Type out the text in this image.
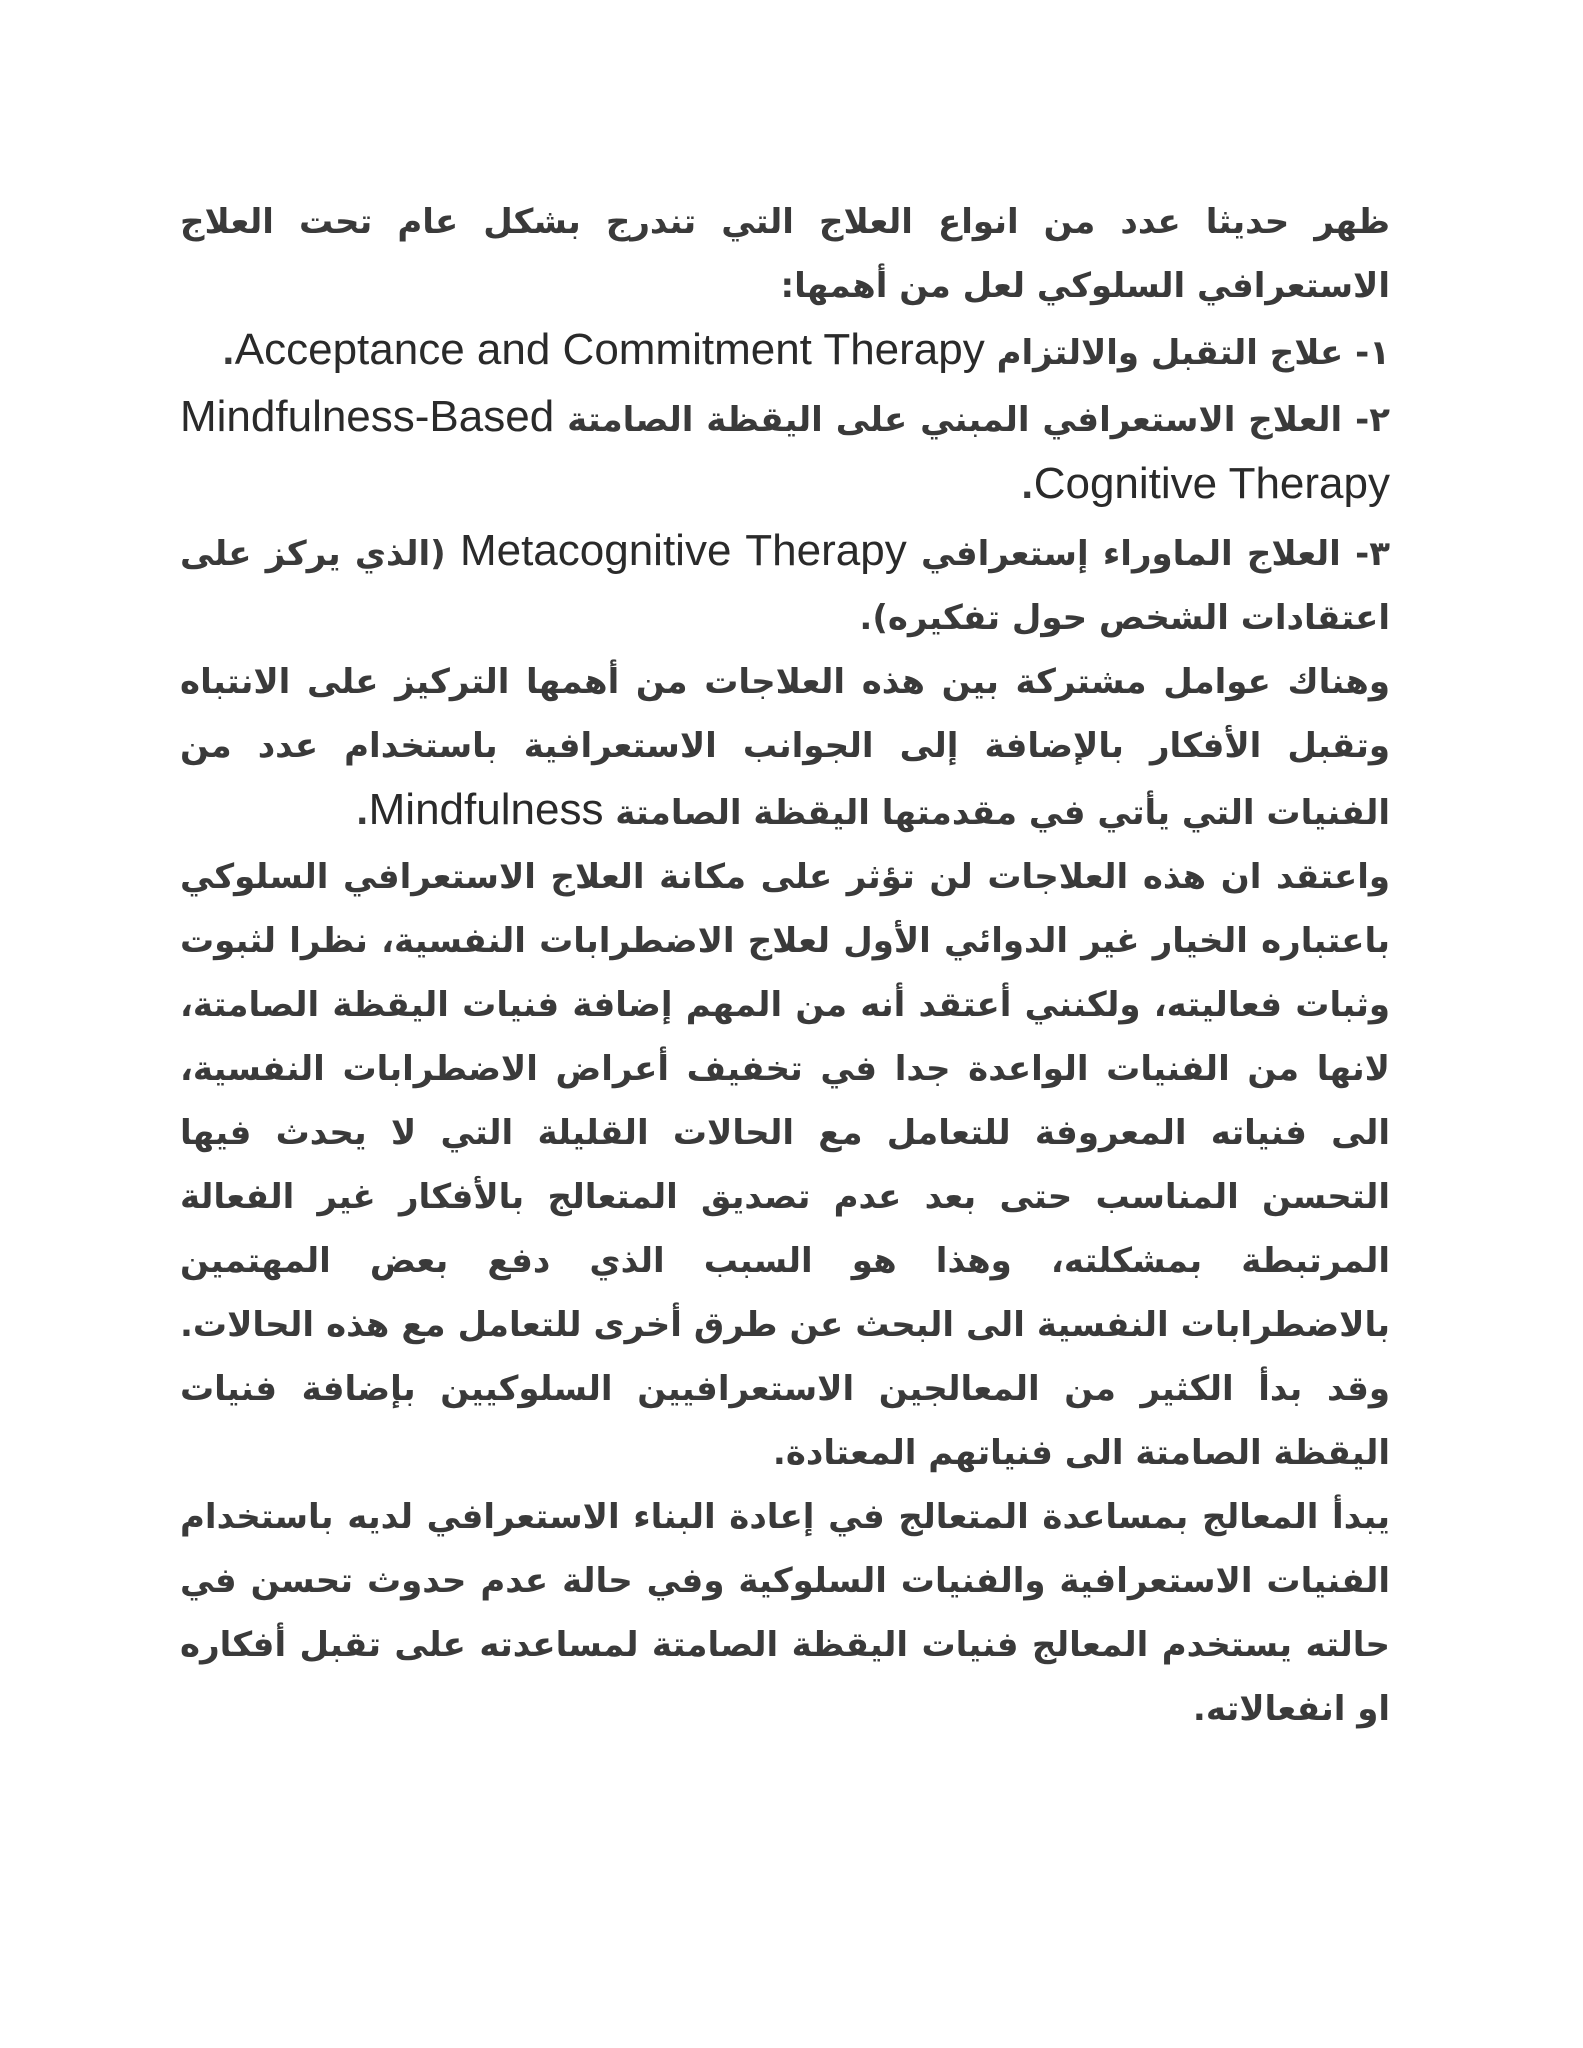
ظهر حديثا عدد من انواع العلاج التي تندرج بشكل عام تحت العلاج الاستعرافي السلوكي لعل من أهمها:

١- علاج التقبل والالتزام Acceptance and Commitment Therapy.

٢- العلاج الاستعرافي المبني على اليقظة الصامتة Mindfulness-Based Cognitive Therapy.

٣- العلاج الماوراء إستعرافي Metacognitive Therapy (الذي يركز على اعتقادات الشخص حول تفكيره).

وهناك عوامل مشتركة بين هذه العلاجات من أهمها التركيز على الانتباه وتقبل الأفكار بالإضافة إلى الجوانب الاستعرافية باستخدام عدد من الفنيات التي يأتي في مقدمتها اليقظة الصامتة Mindfulness.

واعتقد ان هذه العلاجات لن تؤثر على مكانة العلاج الاستعرافي السلوكي باعتباره الخيار غير الدوائي الأول لعلاج الاضطرابات النفسية، نظرا لثبوت وثبات فعاليته، ولكنني أعتقد أنه من المهم إضافة فنيات اليقظة الصامتة، لانها من الفنيات الواعدة جدا في تخفيف أعراض الاضطرابات النفسية، الى فنياته المعروفة للتعامل مع الحالات القليلة التي لا يحدث فيها التحسن المناسب حتى بعد عدم تصديق المتعالج بالأفكار غير الفعالة المرتبطة بمشكلته، وهذا هو السبب الذي دفع بعض المهتمين بالاضطرابات النفسية الى البحث عن طرق أخرى للتعامل مع هذه الحالات. وقد بدأ الكثير من المعالجين الاستعرافيين السلوكيين بإضافة فنيات اليقظة الصامتة الى فنياتهم المعتادة.

يبدأ المعالج بمساعدة المتعالج في إعادة البناء الاستعرافي لديه باستخدام الفنيات الاستعرافية والفنيات السلوكية وفي حالة عدم حدوث تحسن في حالته يستخدم المعالج فنيات اليقظة الصامتة لمساعدته على تقبل أفكاره او انفعالاته.
